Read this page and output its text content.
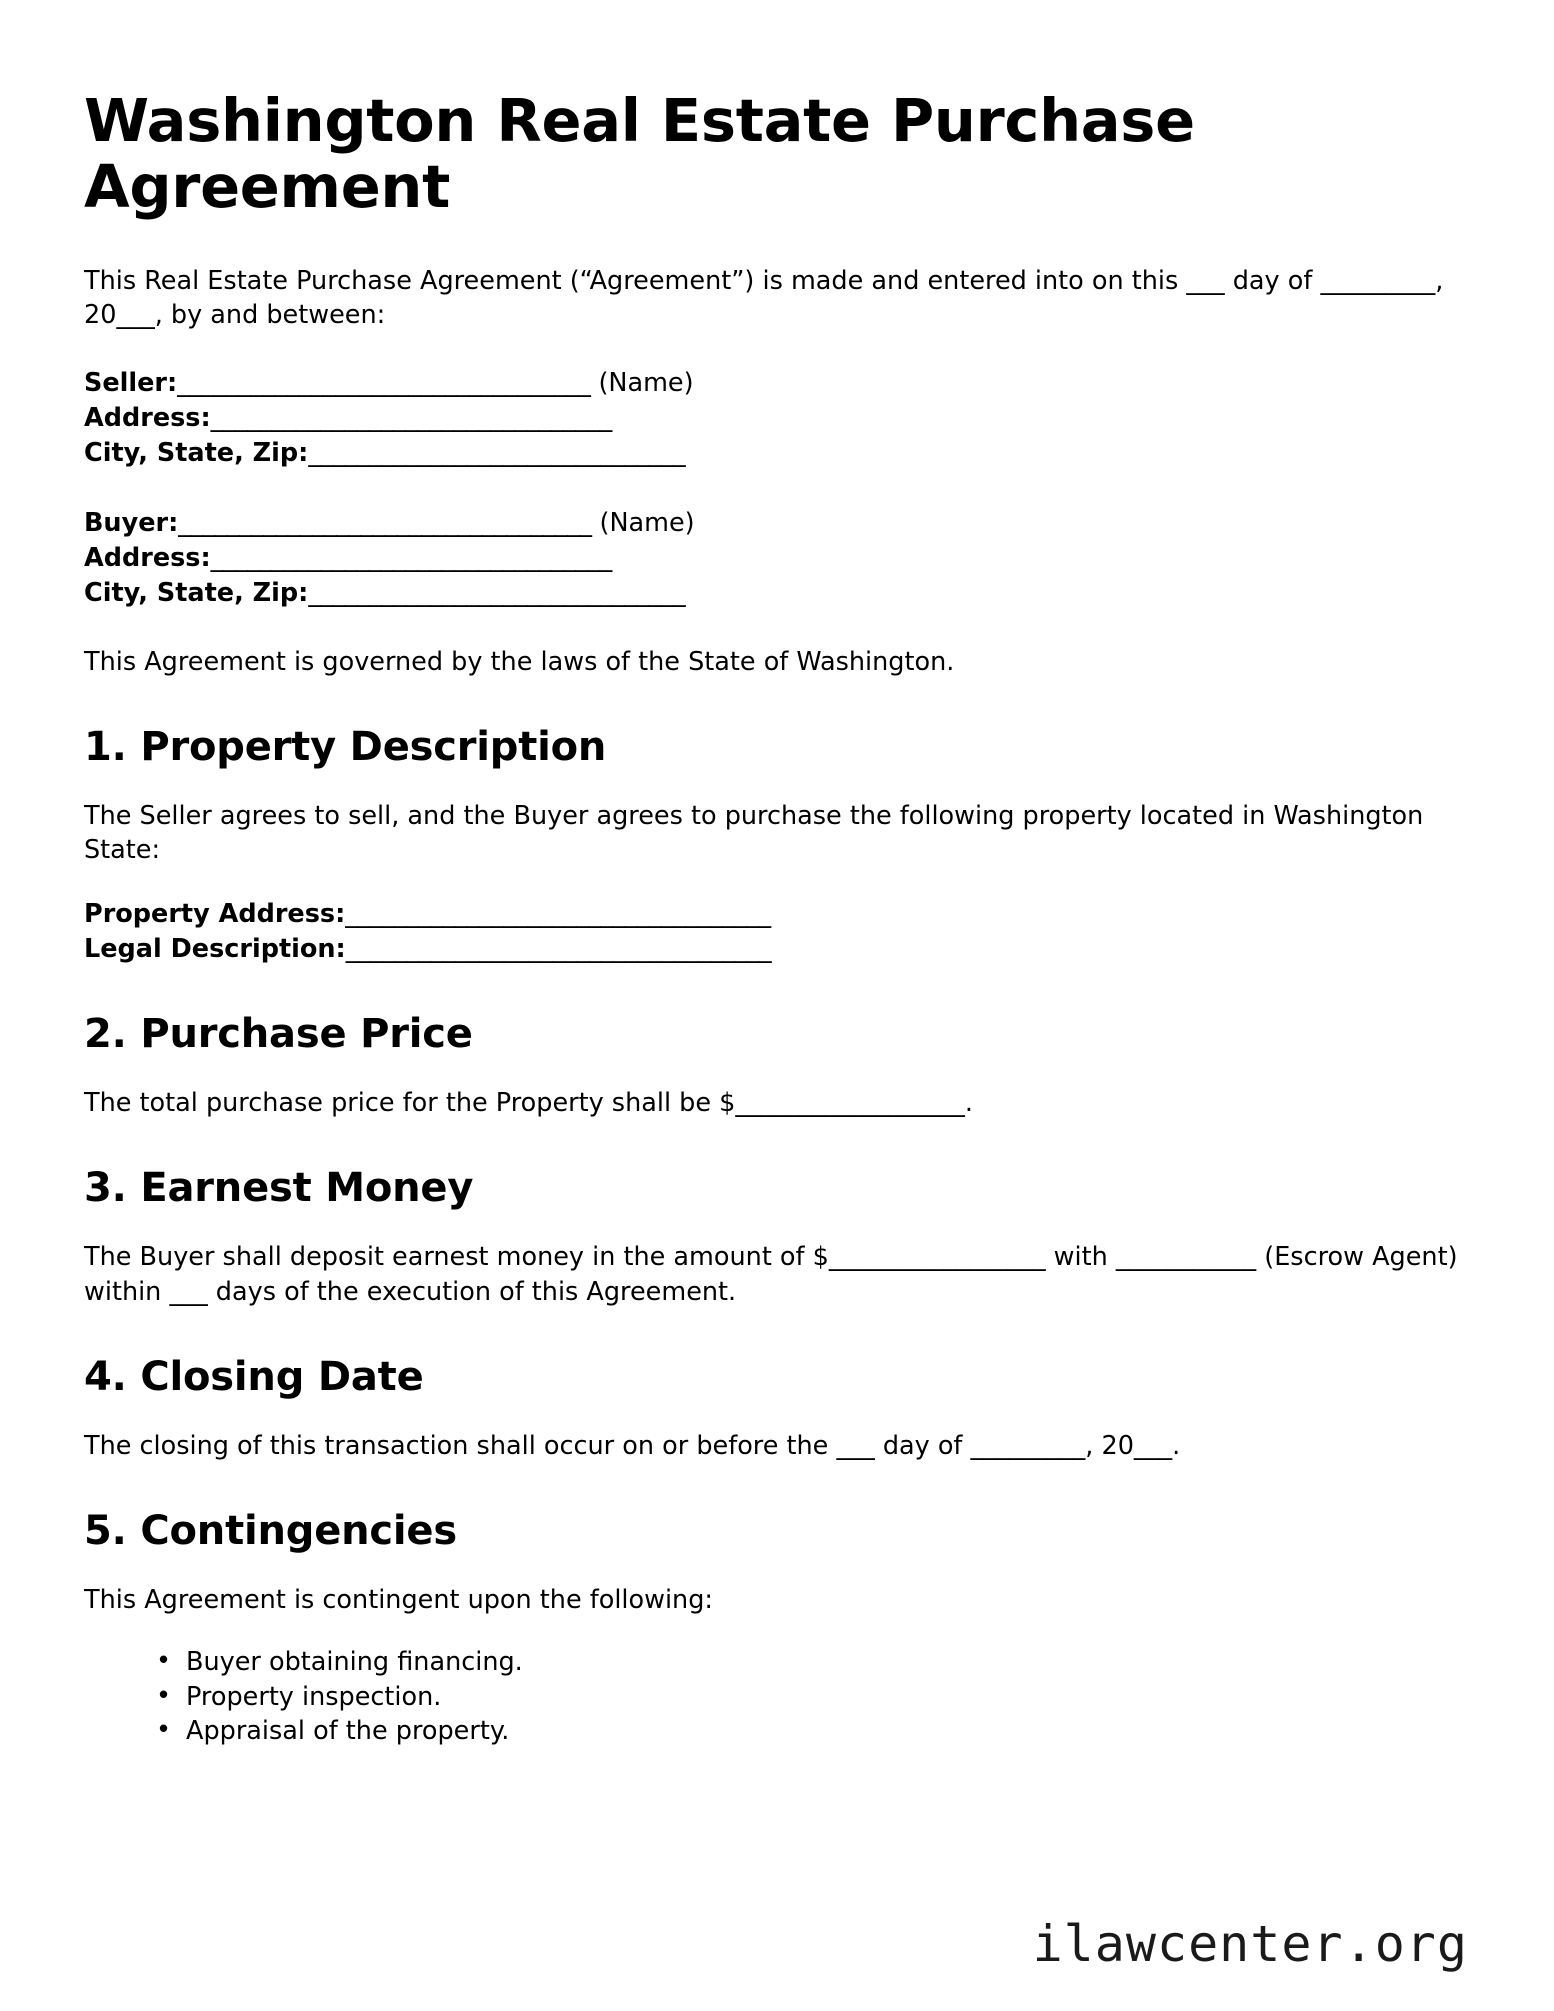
Washington Real Estate Purchase Agreement

This Real Estate Purchase Agreement (“Agreement”) is made and entered into on this ___ day of _________, 20___, by and between:

Seller:__________________________________ (Name)
Address:_________________________________
City, State, Zip:_______________________________
Buyer:__________________________________ (Name)
Address:_________________________________
City, State, Zip:_______________________________

This Agreement is governed by the laws of the State of Washington.

1. Property Description

The Seller agrees to sell, and the Buyer agrees to purchase the following property located in Washington State:

Property Address:___________________________________
Legal Description:___________________________________
2. Purchase Price

The total purchase price for the Property shall be $__________________.

3. Earnest Money

The Buyer shall deposit earnest money in the amount of $_________________ with ___________ (Escrow Agent) within ___ days of the execution of this Agreement.

4. Closing Date

The closing of this transaction shall occur on or before the ___ day of _________, 20___.

5. Contingencies

This Agreement is contingent upon the following:

• Buyer obtaining financing.
• Property inspection.
• Appraisal of the property.
ilawcenter.org
